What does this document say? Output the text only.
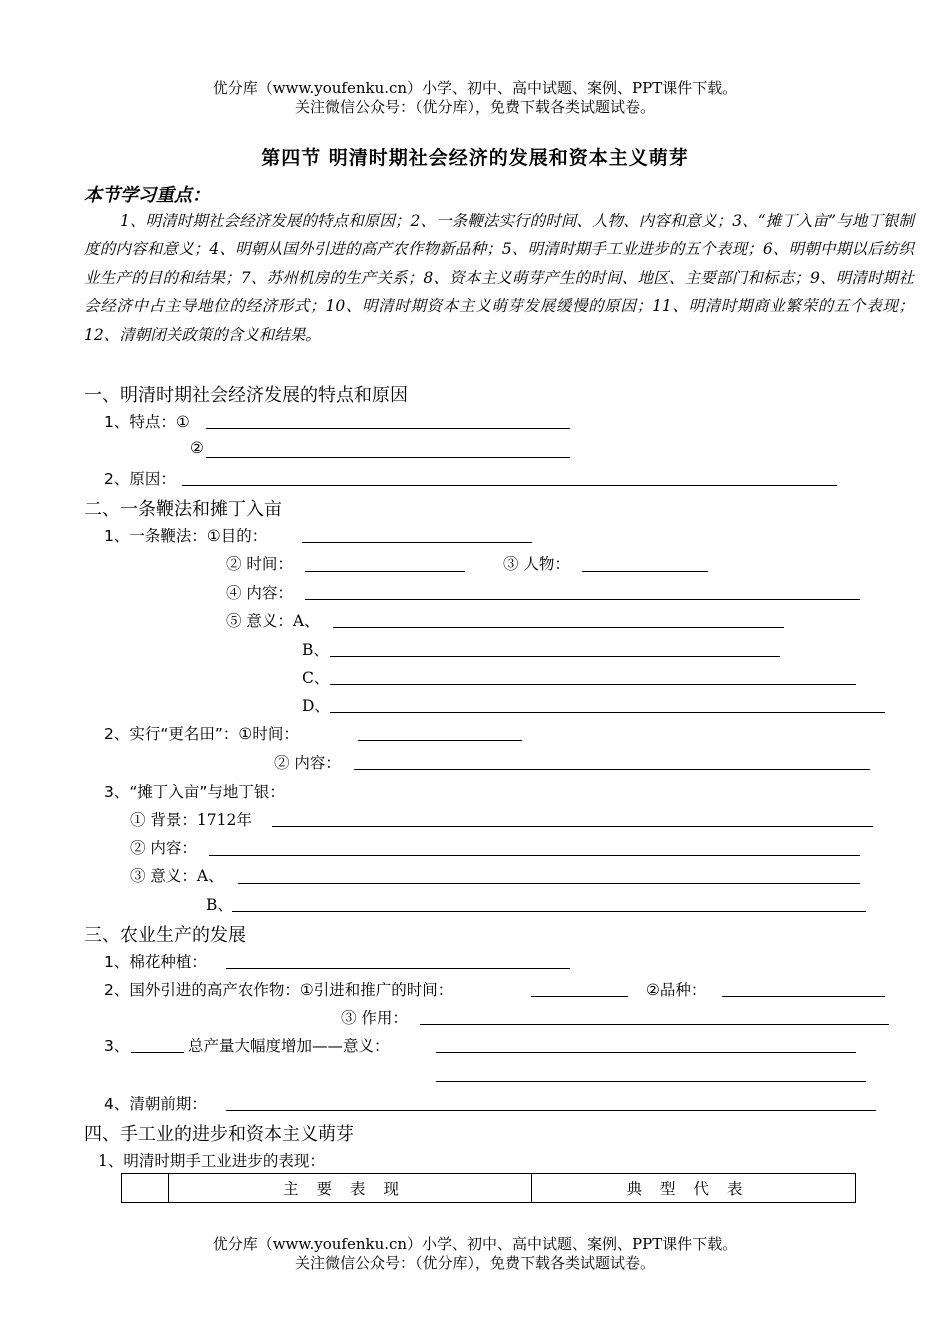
优分库（www.youfenku.cn）小学、初中、高中试题、案例、PPT课件下载。
关注微信公众号：（优分库），免费下载各类试题试卷。
第四节 明清时期社会经济的发展和资本主义萌芽
本节学习重点：
1、明清时期社会经济发展的特点和原因；2、一条鞭法实行的时间、人物、内容和意义；3、“摊丁入亩”与地丁银制度的内容和意义；4、明朝从国外引进的高产农作物新品种；5、明清时期手工业进步的五个表现；6、明朝中期以后纺织业生产的目的和结果；7、苏州机房的生产关系；8、资本主义萌芽产生的时间、地区、主要部门和标志；9、明清时期社会经济中占主导地位的经济形式；10、明清时期资本主义萌芽发展缓慢的原因；11、明清时期商业繁荣的五个表现；12、清朝闭关政策的含义和结果。
一、明清时期社会经济发展的特点和原因
1、特点：①
②
2、原因：
二、一条鞭法和摊丁入亩
1、一条鞭法：①目的：
② 时间：	③ 人物：
④ 内容：
⑤ 意义：A、
B、
C、
D、
2、实行“更名田”：①时间：
② 内容：
3、“摊丁入亩”与地丁银：
① 背景：1712年
② 内容：
③ 意义：A、
B、
三、农业生产的发展
1、棉花种植：
2、国外引进的高产农作物：①引进和推广的时间：	②品种：
③ 作用：
3、	总产量大幅度增加——意义：
4、清朝前期：
四、手工业的进步和资本主义萌芽
1、明清时期手工业进步的表现：
	主要表现	典型代表
优分库（www.youfenku.cn）小学、初中、高中试题、案例、PPT课件下载。
关注微信公众号：（优分库），免费下载各类试题试卷。
